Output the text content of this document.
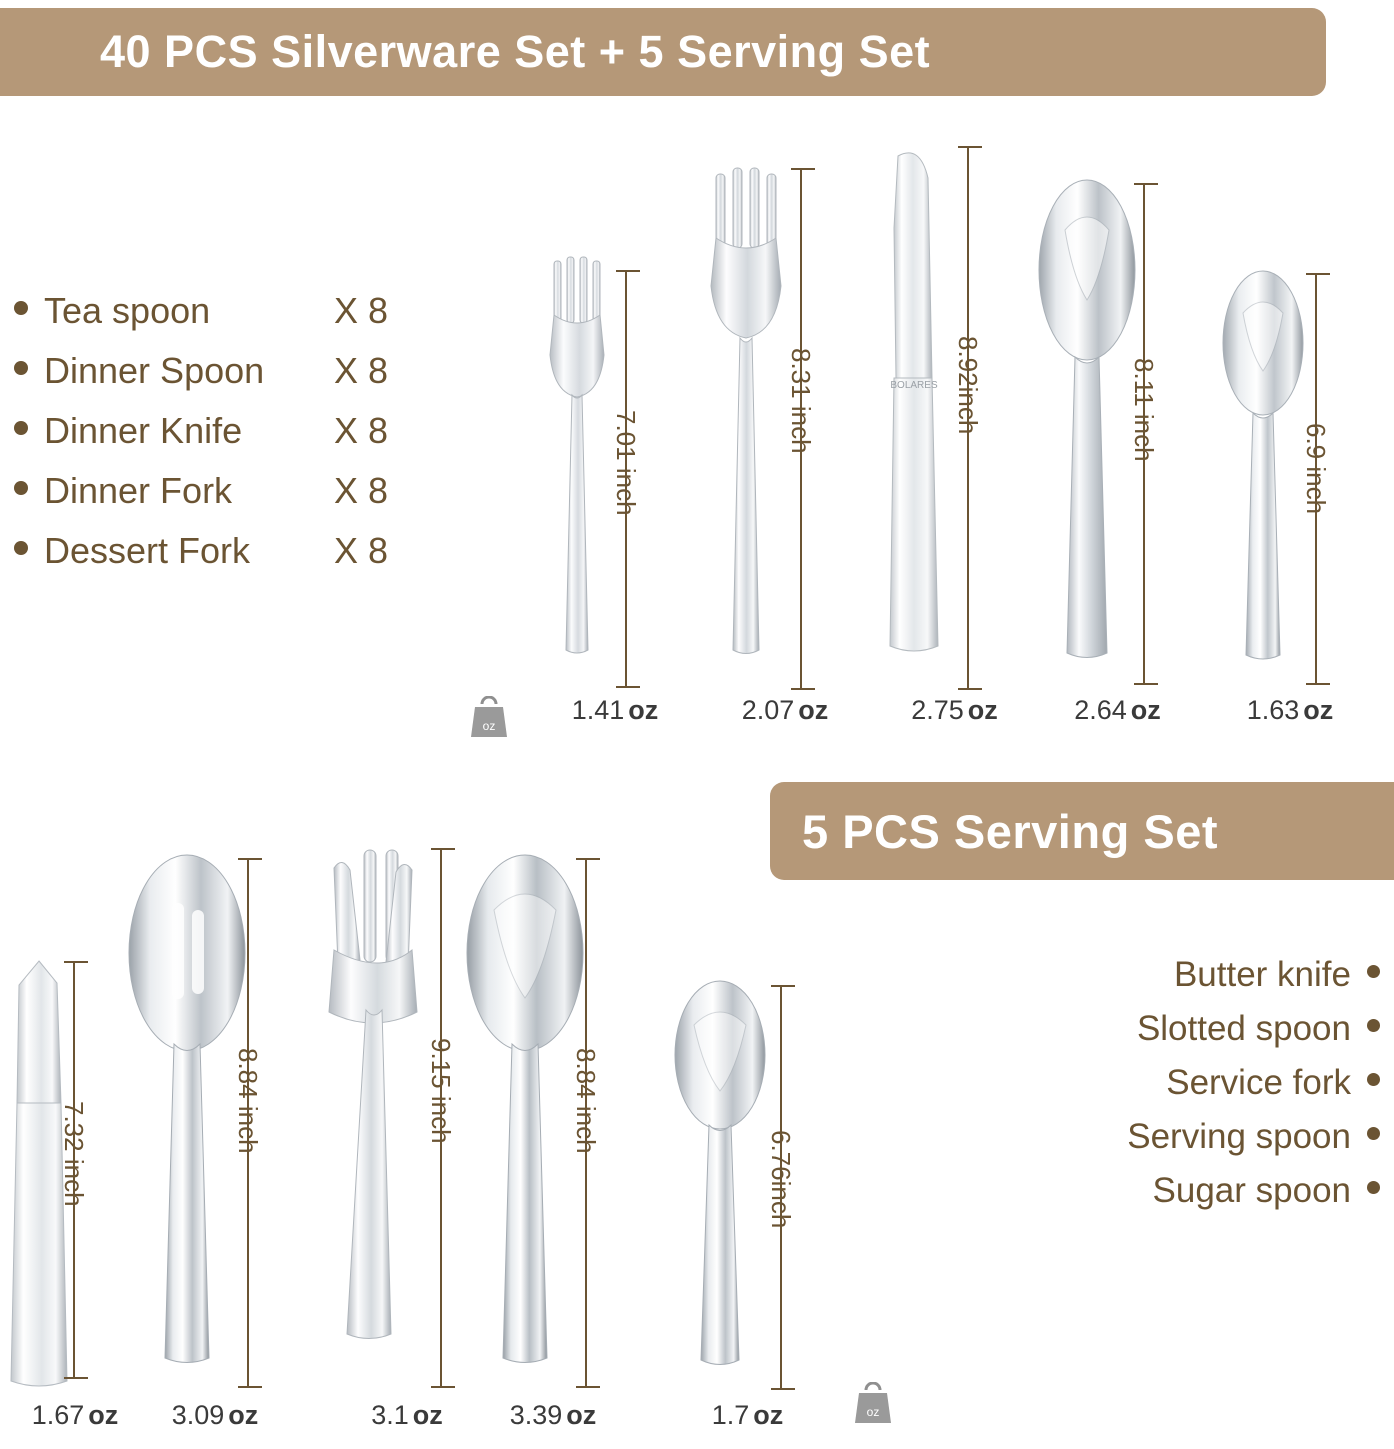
40 PCS Silverware Set + 5 Serving Set
Tea spoon	X 8
Dinner Spoon	X 8
Dinner Knife	X 8
Dinner Fork	X 8
Dessert Fork	X 8
oz
7.01 inch
1.41 oz
8.31 inch
2.07 oz
BOLARES 8.92inch
2.75 oz
8.11 inch
2.64 oz
6.9 inch
1.63 oz
5 PCS Serving Set
Butter knife
Slotted spoon
Service fork
Serving spoon
Sugar spoon
7.32 inch
1.67 oz
8.84 inch
3.09 oz
9.15 inch
3.1 oz
8.84 inch
3.39 oz
6.76inch
1.7 oz	oz
